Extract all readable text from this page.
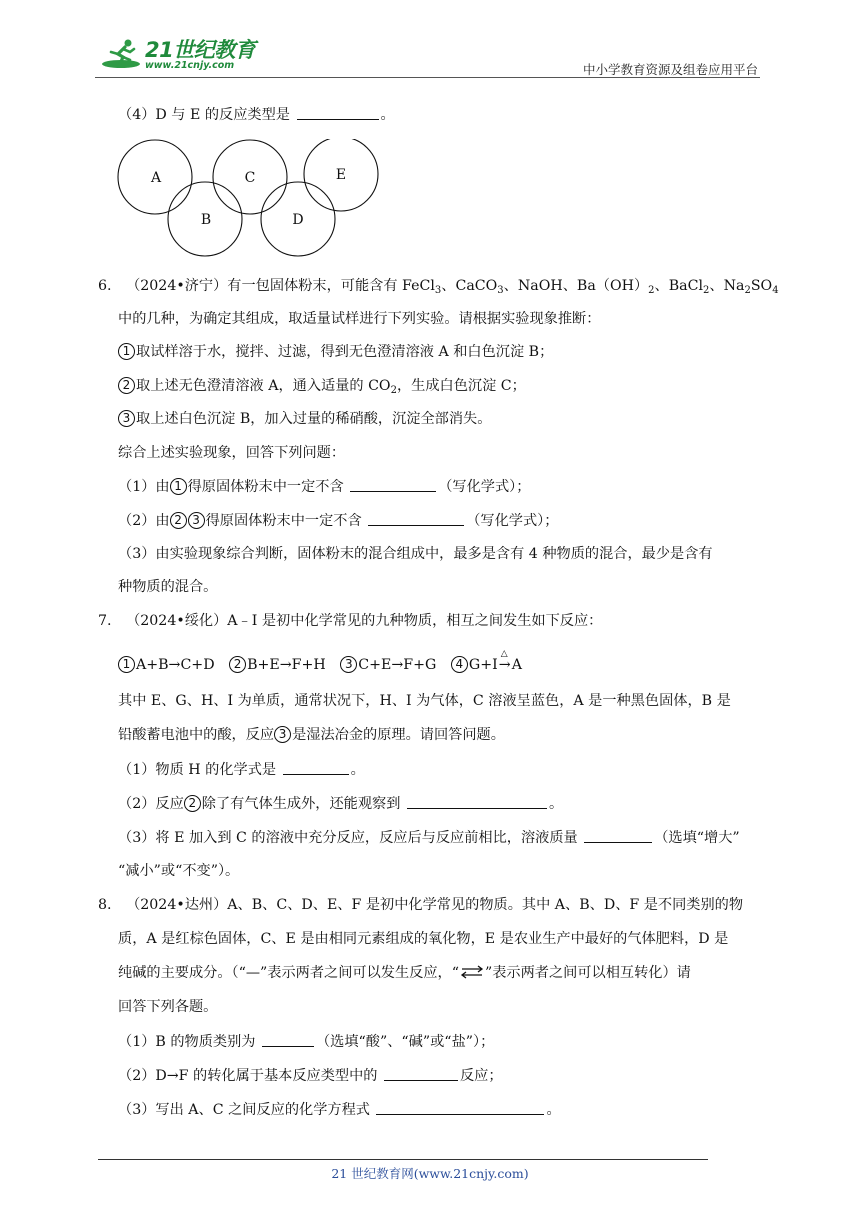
21世纪教育
www.21cnjy.com	中小学教育资源及组卷应用平台
（4）D 与 E 的反应类型是	。
A
B
C
D
E
6. （2024•济宁）有一包固体粉末，可能含有 FeCl$_3$、CaCO$_3$、NaOH、$Ba(OH)_2$、BaCl$_2$、$Na_2SO_4$
中的几种，为确定其组成，取适量试样进行下列实验。请根据实验现象推断：
1 取试样溶于水，搅拌、过滤，得到无色澄清溶液 A 和白色沉淀 B；
2 取上述无色澄清溶液 A，通入适量的 $CO_2$，生成白色沉淀 C；
3 取上述白色沉淀 B，加入过量的稀硝酸，沉淀全部消失。
综合上述实验现象，回答下列问题：
（1）由 1 得原固体粉末中一定不含	（写化学式）；
（2）由 2 3 得原固体粉末中一定不含	（写化学式）；
（3）由实验现象综合判断，固体粉末的混合组成中，最多是含有 4 种物质的混合，最少是含有
种物质的混合。
7. （2024•绥化）A﹣I 是初中化学常见的九种物质，相互之间发生如下反应：
1 A+B→C+D 2 B+E→F+H 3 C+E→F+G 4 G+I
△
→A
其中 E、G、H、I 为单质，通常状况下，H、I 为气体，C 溶液呈蓝色，A 是一种黑色固体，B 是
铅酸蓄电池中的酸，反应 3 是湿法冶金的原理。请回答问题。
（1）物质 H 的化学式是	。
（2）反应 2 除了有气体生成外，还能观察到	。
（3）将 E 加入到 C 的溶液中充分反应，反应后与反应前相比，溶液质量	（选填“增大”
“减小”或“不变”）。
8. （2024•达州）A、B、C、D、E、F 是初中化学常见的物质。其中 A、B、D、F 是不同类别的物
质，A 是红棕色固体，C、E 是由相同元素组成的氧化物，E 是农业生产中最好的气体肥料，D 是
纯碱的主要成分。（“—”表示两者之间可以发生反应，“ ”表示两者之间可以相互转化）请
回答下列各题。
（1）B 的物质类别为	（选填“酸”、“碱”或“盐”）；
（2）D→F 的转化属于基本反应类型中的	反应；
（3）写出 A、C 之间反应的化学方程式	。
21 世纪教育网(www.21cnjy.com)
